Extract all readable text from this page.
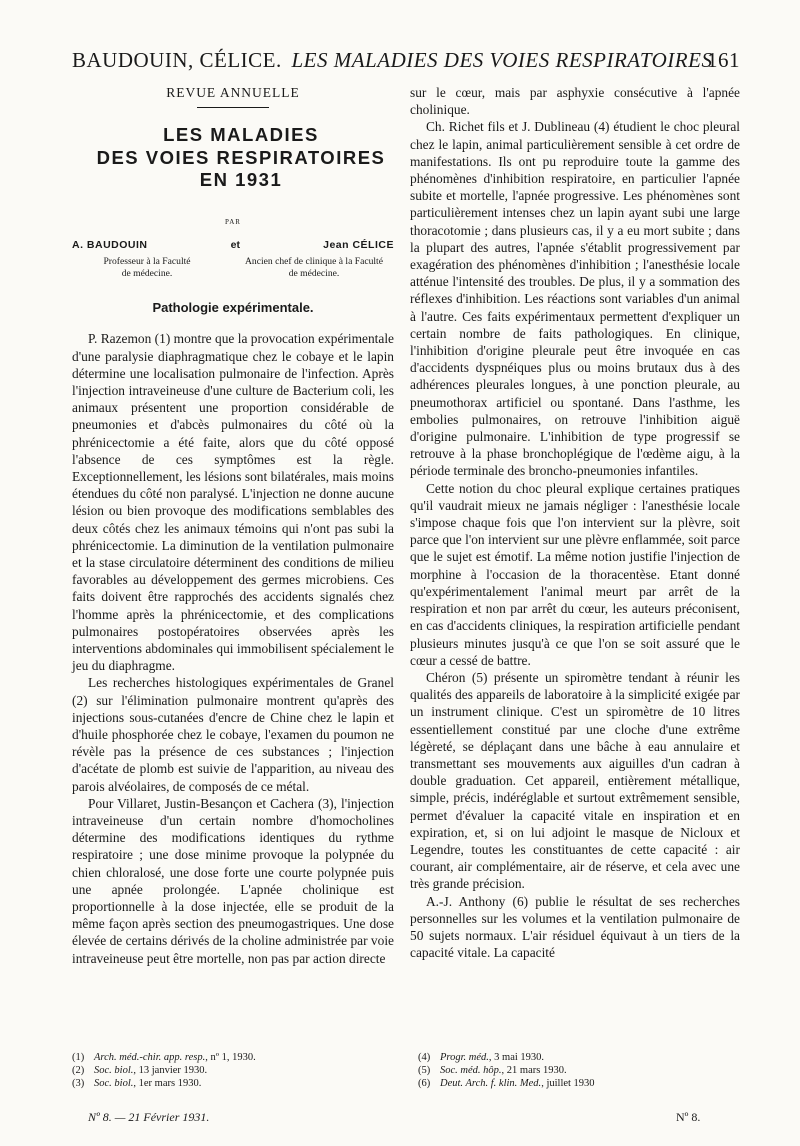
BAUDOUIN, CÉLICE. LES MALADIES DES VOIES RESPIRATOIRES
161

REVUE ANNUELLE

LES MALADIES

DES VOIES RESPIRATOIRES

EN 1931

PAR
A. BAUDOUIN	et	Jean CÉLICE
Professeur à la Faculté
de médecine.
Ancien chef de clinique à la Faculté
de médecine.
Pathologie expérimentale.

P. Razemon (1) montre que la provocation expérimentale d'une paralysie diaphragmatique chez le cobaye et le lapin détermine une localisation pulmonaire de l'infection. Après l'injection intraveineuse d'une culture de Bacterium coli, les animaux présentent une proportion considérable de pneumonies et d'abcès pulmonaires du côté où la phrénicectomie a été faite, alors que du côté opposé l'absence de ces symptômes est la règle. Exceptionnellement, les lésions sont bilatérales, mais moins étendues du côté non paralysé. L'injection ne donne aucune lésion ou bien provoque des modifications semblables des deux côtés chez les animaux témoins qui n'ont pas subi la phrénicectomie. La diminution de la ventilation pulmonaire et la stase circulatoire déterminent des conditions de milieu favorables au développement des germes microbiens. Ces faits doivent être rapprochés des accidents signalés chez l'homme après la phrénicectomie, et des complications pulmonaires postopératoires observées après les interventions abdominales qui immobilisent spécialement le jeu du diaphragme.

Les recherches histologiques expérimentales de Granel (2) sur l'élimination pulmonaire montrent qu'après des injections sous-cutanées d'encre de Chine chez le lapin et d'huile phosphorée chez le cobaye, l'examen du poumon ne révèle pas la présence de ces substances ; l'injection d'acétate de plomb est suivie de l'apparition, au niveau des parois alvéolaires, de composés de ce métal.

Pour Villaret, Justin-Besançon et Cachera (3), l'injection intraveineuse d'un certain nombre d'homocholines détermine des modifications identiques du rythme respiratoire ; une dose minime provoque la polypnée du chien chloralosé, une dose forte une courte polypnée puis une apnée prolongée. L'apnée cholinique est proportionnelle à la dose injectée, elle se produit de la même façon après section des pneumogastriques. Une dose élevée de certains dérivés de la choline administrée par voie intraveineuse peut être mortelle, non pas par action directe

sur le cœur, mais par asphyxie consécutive à l'apnée cholinique.

Ch. Richet fils et J. Dublineau (4) étudient le choc pleural chez le lapin, animal particulièrement sensible à cet ordre de manifestations. Ils ont pu reproduire toute la gamme des phénomènes d'inhibition respiratoire, en particulier l'apnée subite et mortelle, l'apnée progressive. Les phénomènes sont particulièrement intenses chez un lapin ayant subi une large thoracotomie ; dans plusieurs cas, il y a eu mort subite ; dans la plupart des autres, l'apnée s'établit progressivement par exagération des phénomènes d'inhibition ; l'anesthésie locale atténue l'intensité des troubles. De plus, il y a sommation des réflexes d'inhibition. Les réactions sont variables d'un animal à l'autre. Ces faits expérimentaux permettent d'expliquer un certain nombre de faits pathologiques. En clinique, l'inhibition d'origine pleurale peut être invoquée en cas d'accidents dyspnéiques plus ou moins brutaux dus à des adhérences pleurales longues, à une ponction pleurale, au pneumothorax artificiel ou spontané. Dans l'asthme, les embolies pulmonaires, on retrouve l'inhibition aiguë d'origine pulmonaire. L'inhibition de type progressif se retrouve à la phase bronchoplégique de l'œdème aigu, à la période terminale des broncho-pneumonies infantiles.

Cette notion du choc pleural explique certaines pratiques qu'il vaudrait mieux ne jamais négliger : l'anesthésie locale s'impose chaque fois que l'on intervient sur la plèvre, soit parce que l'on intervient sur une plèvre enflammée, soit parce que le sujet est émotif. La même notion justifie l'injection de morphine à l'occasion de la thoracentèse. Etant donné qu'expérimentalement l'animal meurt par arrêt de la respiration et non par arrêt du cœur, les auteurs préconisent, en cas d'accidents cliniques, la respiration artificielle pendant plusieurs minutes jusqu'à ce que l'on se soit assuré que le cœur a cessé de battre.

Chéron (5) présente un spiromètre tendant à réunir les qualités des appareils de laboratoire à la simplicité exigée par un instrument clinique. C'est un spiromètre de 10 litres essentiellement constitué par une cloche d'une extrême légèreté, se déplaçant dans une bâche à eau annulaire et transmettant ses mouvements aux aiguilles d'un cadran à double graduation. Cet appareil, entièrement métallique, simple, précis, indéréglable et surtout extrêmement sensible, permet d'évaluer la capacité vitale en inspiration et en expiration, et, si on lui adjoint le masque de Nicloux et Legendre, toutes les constituantes de cette capacité : air courant, air complémentaire, air de réserve, et cela avec une très grande précision.

A.-J. Anthony (6) publie le résultat de ses recherches personnelles sur les volumes et la ventilation pulmonaire de 50 sujets normaux. L'air résiduel équivaut à un tiers de la capacité vitale. La capacité

(1) Arch. méd.-chir. app. resp., nº 1, 1930.
(2) Soc. biol., 13 janvier 1930.
(3) Soc. biol., 1er mars 1930.
(4) Progr. méd., 3 mai 1930.
(5) Soc. méd. hôp., 21 mars 1930.
(6) Deut. Arch. f. klin. Med., juillet 1930
Nº 8. — 21 Février 1931.	Nº 8.
